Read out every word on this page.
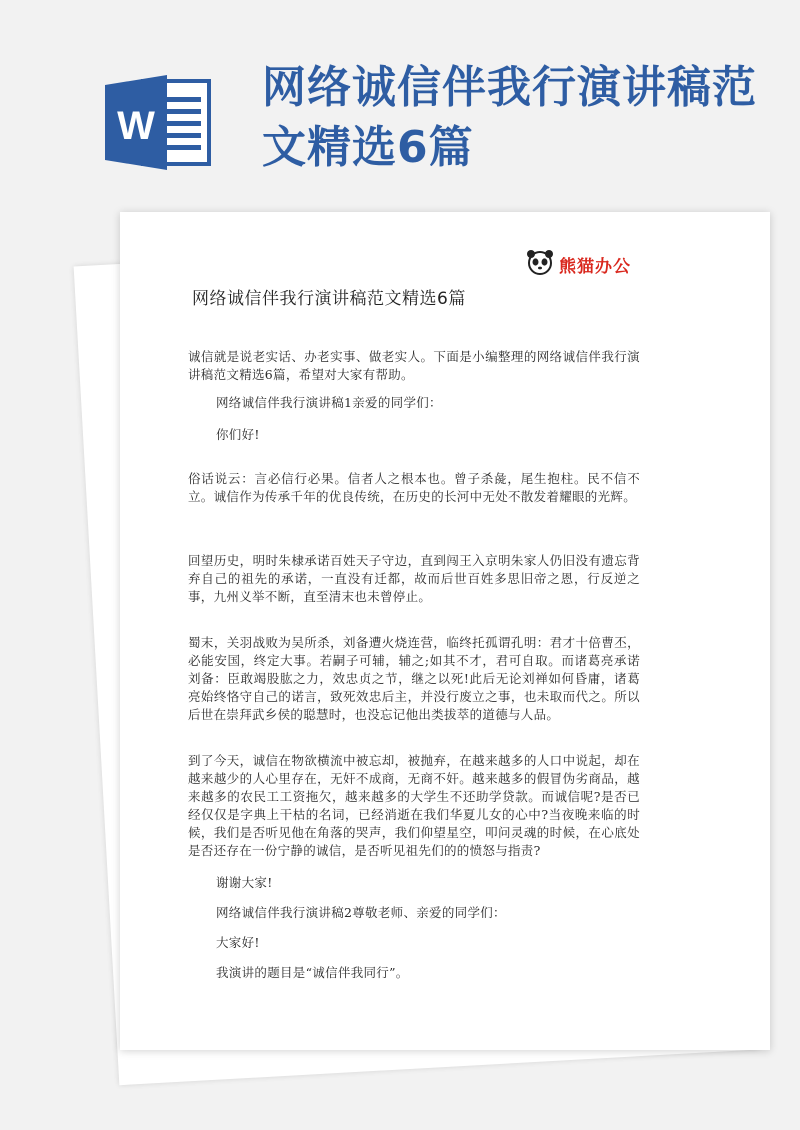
W
网络诚信伴我行演讲稿范文精选6篇
熊猫办公
网络诚信伴我行演讲稿范文精选6篇
诚信就是说老实话、办老实事、做老实人。下面是小编整理的网络诚信伴我行演讲稿范文精选6篇，希望对大家有帮助。
网络诚信伴我行演讲稿1亲爱的同学们：
你们好!
俗话说云：言必信行必果。信者人之根本也。曾子杀彘，尾生抱柱。民不信不立。诚信作为传承千年的优良传统，在历史的长河中无处不散发着耀眼的光辉。
回望历史，明时朱棣承诺百姓天子守边，直到闯王入京明朱家人仍旧没有遗忘背弃自己的祖先的承诺，一直没有迁都，故而后世百姓多思旧帝之恩，行反逆之事，九州义举不断，直至清末也未曾停止。
蜀末，关羽战败为吴所杀，刘备遭火烧连营，临终托孤谓孔明：君才十倍曹丕，必能安国，终定大事。若嗣子可辅，辅之;如其不才，君可自取。而诸葛亮承诺刘备：臣敢竭股肱之力，效忠贞之节，继之以死!此后无论刘禅如何昏庸，诸葛亮始终恪守自己的诺言，致死效忠后主，并没行废立之事，也未取而代之。所以后世在崇拜武乡侯的聪慧时，也没忘记他出类拔萃的道德与人品。
到了今天，诚信在物欲横流中被忘却，被抛弃，在越来越多的人口中说起，却在越来越少的人心里存在，无奸不成商，无商不奸。越来越多的假冒伪劣商品，越来越多的农民工工资拖欠，越来越多的大学生不还助学贷款。而诚信呢?是否已经仅仅是字典上干枯的名词，已经消逝在我们华夏儿女的心中?当夜晚来临的时候，我们是否听见他在角落的哭声，我们仰望星空，叩问灵魂的时候，在心底处是否还存在一份宁静的诚信，是否听见祖先们的的愤怒与指责?
谢谢大家!
网络诚信伴我行演讲稿2尊敬老师、亲爱的同学们：
大家好!
我演讲的题目是“诚信伴我同行”。
